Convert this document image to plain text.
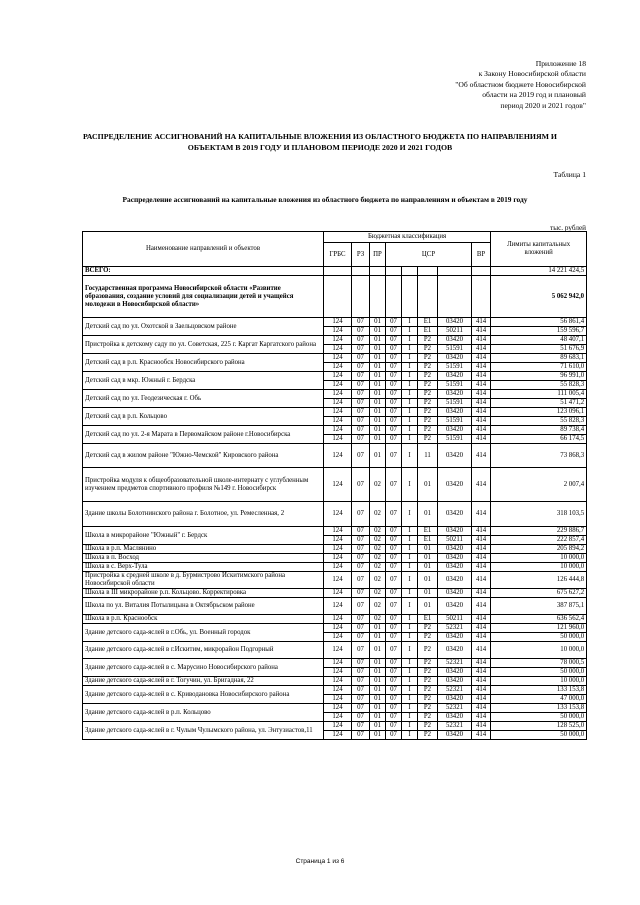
Приложение 18
к Закону Новосибирской области
"Об областном бюджете Новосибирской
области на 2019 год и плановый
период 2020 и 2021 годов"
РАСПРЕДЕЛЕНИЕ АССИГНОВАНИЙ НА КАПИТАЛЬНЫЕ ВЛОЖЕНИЯ ИЗ ОБЛАСТНОГО БЮДЖЕТА ПО НАПРАВЛЕНИЯМ И ОБЪЕКТАМ В 2019 ГОДУ И ПЛАНОВОМ ПЕРИОДЕ 2020 И 2021 ГОДОВ
Таблица 1
Распределение ассигнований на капитальные вложения из областного бюджета по направлениям и объектам в 2019 году
тыс. рублей
Наименование направлений и объектов	Бюджетная классификация								Лимиты капитальных вложений
	ГРБС	РЗ	ПР	ЦСР				ВР	
ВСЕГО:									14 221 424,5
Государственная программа Новосибирской области «Развитие образования, создание условий для социализации детей и учащейся молодежи в Новосибирской области»									5 062 942,0
Детский сад по ул. Охотской в Заельцовском районе	124	07	01	07	I	E1	03420	414	56 861,4
	124	07	01	07	I	E1	50211	414	159 596,7
Пристройка к детскому саду по ул. Советская, 225 г. Каргат Каргатского района	124	07	01	07	I	P2	03420	414	48 407,1
	124	07	01	07	I	P2	51591	414	51 676,9
Детский сад в р.п. Краснообск Новосибирского района	124	07	01	07	I	P2	03420	414	89 683,1
	124	07	01	07	I	P2	51591	414	71 610,0
Детский сад в мкр. Южный г. Бердска	124	07	01	07	I	P2	03420	414	96 991,0
	124	07	01	07	I	P2	51591	414	55 828,3
Детский сад по ул. Геодезическая г. Обь	124	07	01	07	I	P2	03420	414	111 005,4
	124	07	01	07	I	P2	51591	414	51 471,2
Детский сад в р.п. Кольцово	124	07	01	07	I	P2	03420	414	123 096,1
	124	07	01	07	I	P2	51591	414	55 828,3
Детский сад по ул. 2-я Марата в Первомайском районе г.Новосибирска	124	07	01	07	I	P2	03420	414	89 738,4
	124	07	01	07	I	P2	51591	414	66 174,5
Детский сад в жилом районе "Южно-Чемской" Кировского района	124	07	01	07	I	11	03420	414	73 868,3
Пристройка модуля к общеобразовательной школе-интернату с углубленным изучением предметов спортивного профиля №149 г. Новосибирск	124	07	02	07	I	01	03420	414	2 007,4
Здание школы Болотнинского района г. Болотное, ул. Ремесленная, 2	124	07	02	07	I	01	03420	414	318 103,5
Школа в микрорайоне "Южный" г. Бердск	124	07	02	07	I	E1	03420	414	229 886,7
	124	07	02	07	I	E1	50211	414	222 857,4
Школа в р.п. Маслянино	124	07	02	07	I	01	03420	414	205 894,2
Школа в п. Восход	124	07	02	07	I	01	03420	414	10 000,0
Школа в с. Верх-Тула	124	07	02	07	I	01	03420	414	10 000,0
Пристройка к средней школе в д. Бурмистрово Искитимского района Новосибирской области	124	07	02	07	I	01	03420	414	126 444,8
Школа в III микрорайоне р.п. Кольцово. Корректировка	124	07	02	07	I	01	03420	414	675 627,2
Школа по ул. Виталия Потылицына в Октябрьском районе	124	07	02	07	I	01	03420	414	387 875,1
Школа в р.п. Краснообск	124	07	02	07	I	E1	50211	414	636 562,4
Здание детского сада-яслей в г.Обь, ул. Военный городок	124	07	01	07	I	P2	52321	414	121 960,0
	124	07	01	07	I	P2	03420	414	50 000,0
Здание детского сада-яслей в г.Искитим, микрорайон Подгорный	124	07	01	07	I	P2	03420	414	10 000,0
Здание детского сада-яслей в с. Марусино Новосибирского района	124	07	01	07	I	P2	52321	414	78 000,5
	124	07	01	07	I	P2	03420	414	50 000,0
Здание детского сада-яслей в г. Тогучин, ул. Бригадная, 22	124	07	01	07	I	P2	03420	414	10 000,0
Здание детского сада-яслей в с. Криводановка Новосибирского района	124	07	01	07	I	P2	52321	414	133 153,8
	124	07	01	07	I	P2	03420	414	47 000,0
Здание детского сада-яслей в р.п. Кольцово	124	07	01	07	I	P2	52321	414	133 153,8
	124	07	01	07	I	P2	03420	414	50 000,0
Здание детского сада-яслей в г. Чулым Чулымского района, ул. Энтузиастов,11	124	07	01	07	I	P2	52321	414	128 525,0
	124	07	01	07	I	P2	03420	414	50 000,0
Страница 1 из 6
